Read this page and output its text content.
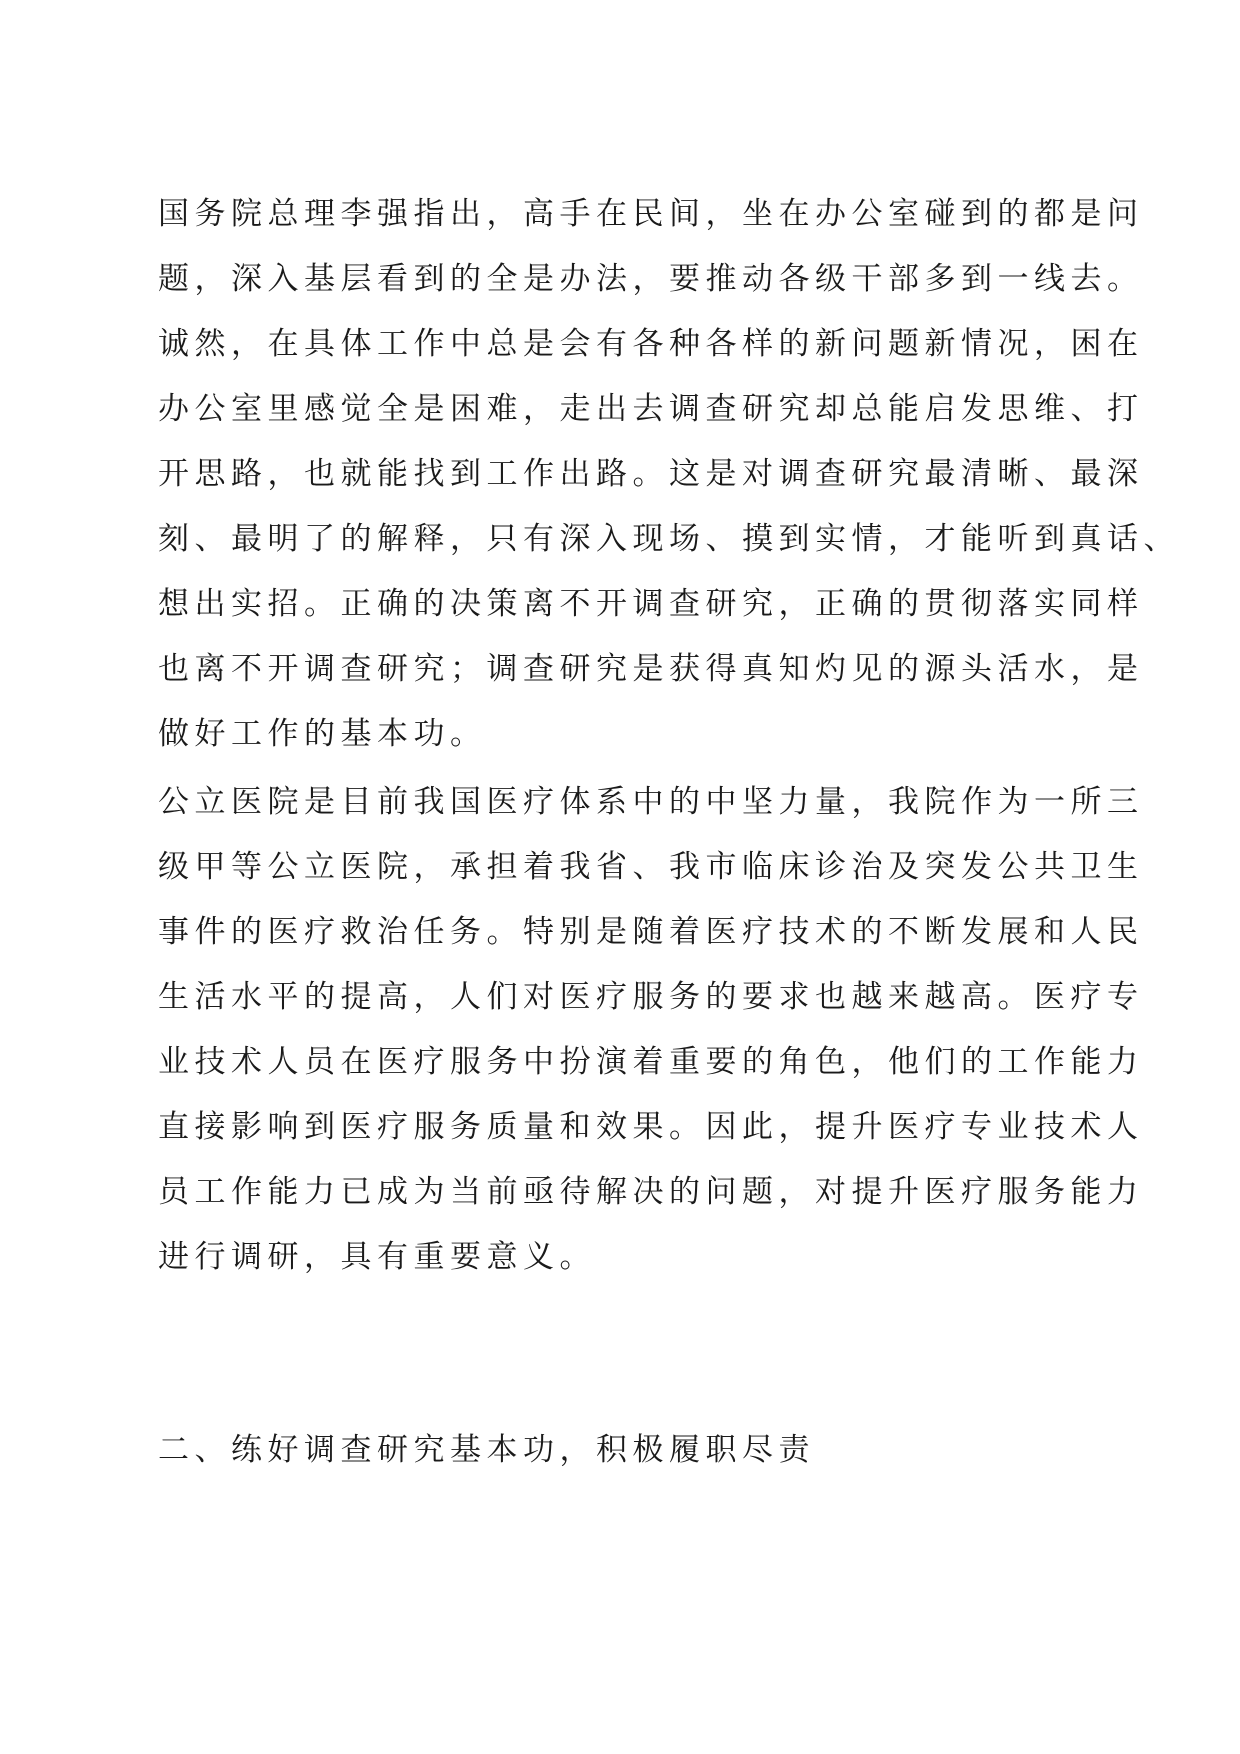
国务院总理李强指出，高手在民间，坐在办公室碰到的都是问
题，深入基层看到的全是办法，要推动各级干部多到一线去。
诚然，在具体工作中总是会有各种各样的新问题新情况，困在
办公室里感觉全是困难，走出去调查研究却总能启发思维、打
开思路，也就能找到工作出路。这是对调查研究最清晰、最深
刻、最明了的解释，只有深入现场、摸到实情，才能听到真话、
想出实招。正确的决策离不开调查研究，正确的贯彻落实同样
也离不开调查研究；调查研究是获得真知灼见的源头活水，是
做好工作的基本功。
公立医院是目前我国医疗体系中的中坚力量，我院作为一所三
级甲等公立医院，承担着我省、我市临床诊治及突发公共卫生
事件的医疗救治任务。特别是随着医疗技术的不断发展和人民
生活水平的提高，人们对医疗服务的要求也越来越高。医疗专
业技术人员在医疗服务中扮演着重要的角色，他们的工作能力
直接影响到医疗服务质量和效果。因此，提升医疗专业技术人
员工作能力已成为当前亟待解决的问题，对提升医疗服务能力
进行调研，具有重要意义。
二、练好调查研究基本功，积极履职尽责
